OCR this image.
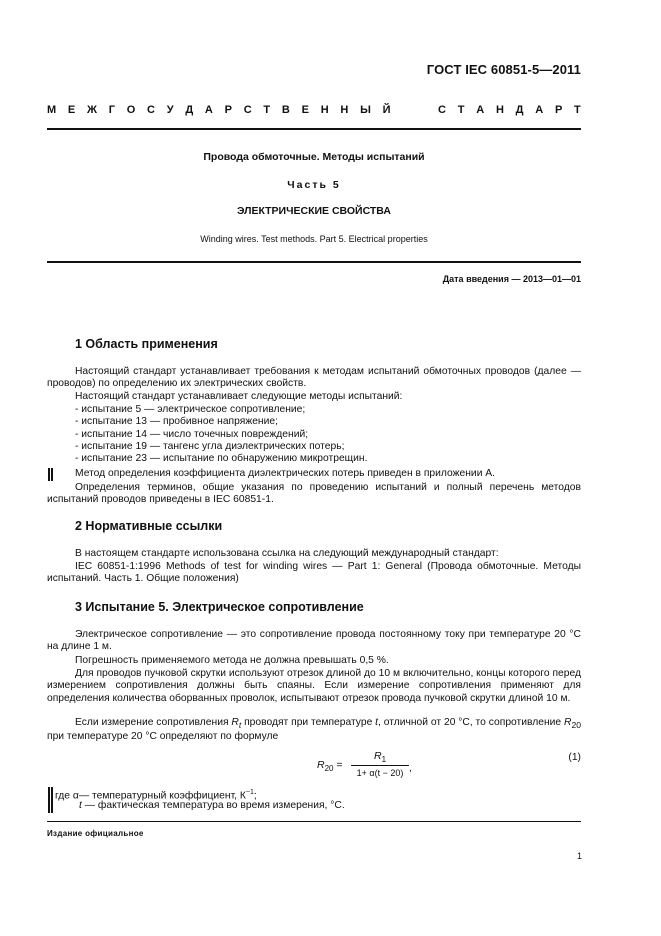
ГОСТ IEC 60851-5—2011
М Е Ж Г О С У Д А Р С Т В Е Н Н Ы Й	С Т А Н Д А Р Т
Провода обмоточные. Методы испытаний
Часть 5
ЭЛЕКТРИЧЕСКИЕ СВОЙСТВА
Winding wires. Test methods. Part 5. Electrical properties
Дата введения — 2013—01—01
1 Область применения
Настоящий стандарт устанавливает требования к методам испытаний обмоточных проводов (далее — проводов) по определению их электрических свойств.
Настоящий стандарт устанавливает следующие методы испытаний:
- испытание 5 — электрическое сопротивление;
- испытание 13 — пробивное напряжение;
- испытание 14 — число точечных повреждений;
- испытание 19 — тангенс угла диэлектрических потерь;
- испытание 23 — испытание по обнаружению микротрещин.
Метод определения коэффициента диэлектрических потерь приведен в приложении А.
Определения терминов, общие указания по проведению испытаний и полный перечень методов испытаний проводов приведены в IEC 60851-1.
2 Нормативные ссылки
В настоящем стандарте использована ссылка на следующий международный стандарт:
IEC 60851-1:1996 Methods of test for winding wires — Part 1: General (Провода обмоточные. Методы испытаний. Часть 1. Общие положения)
3 Испытание 5. Электрическое сопротивление
Электрическое сопротивление — это сопротивление провода постоянному току при температуре 20 °С на длине 1 м.
Погрешность применяемого метода не должна превышать 0,5 %.
Для проводов пучковой скрутки используют отрезок длиной до 10 м включительно, концы которого перед измерением сопротивления должны быть спаяны. Если измерение сопротивления применяют для определения количества оборванных проволок, испытывают отрезок провода пучковой скрутки длиной 10 м.
Если измерение сопротивления $R_t$ проводят при температуре t, отличной от 20 °С, то сопротивление $R_{20}$ при температуре 20 °С определяют по формуле
$R_{20}$ =
$R_1$
1+ α(t − 20) ,
(1)
где α— температурный коэффициент, $К^{-1}$;
t — фактическая температура во время измерения, °С.
Издание официальное
1
